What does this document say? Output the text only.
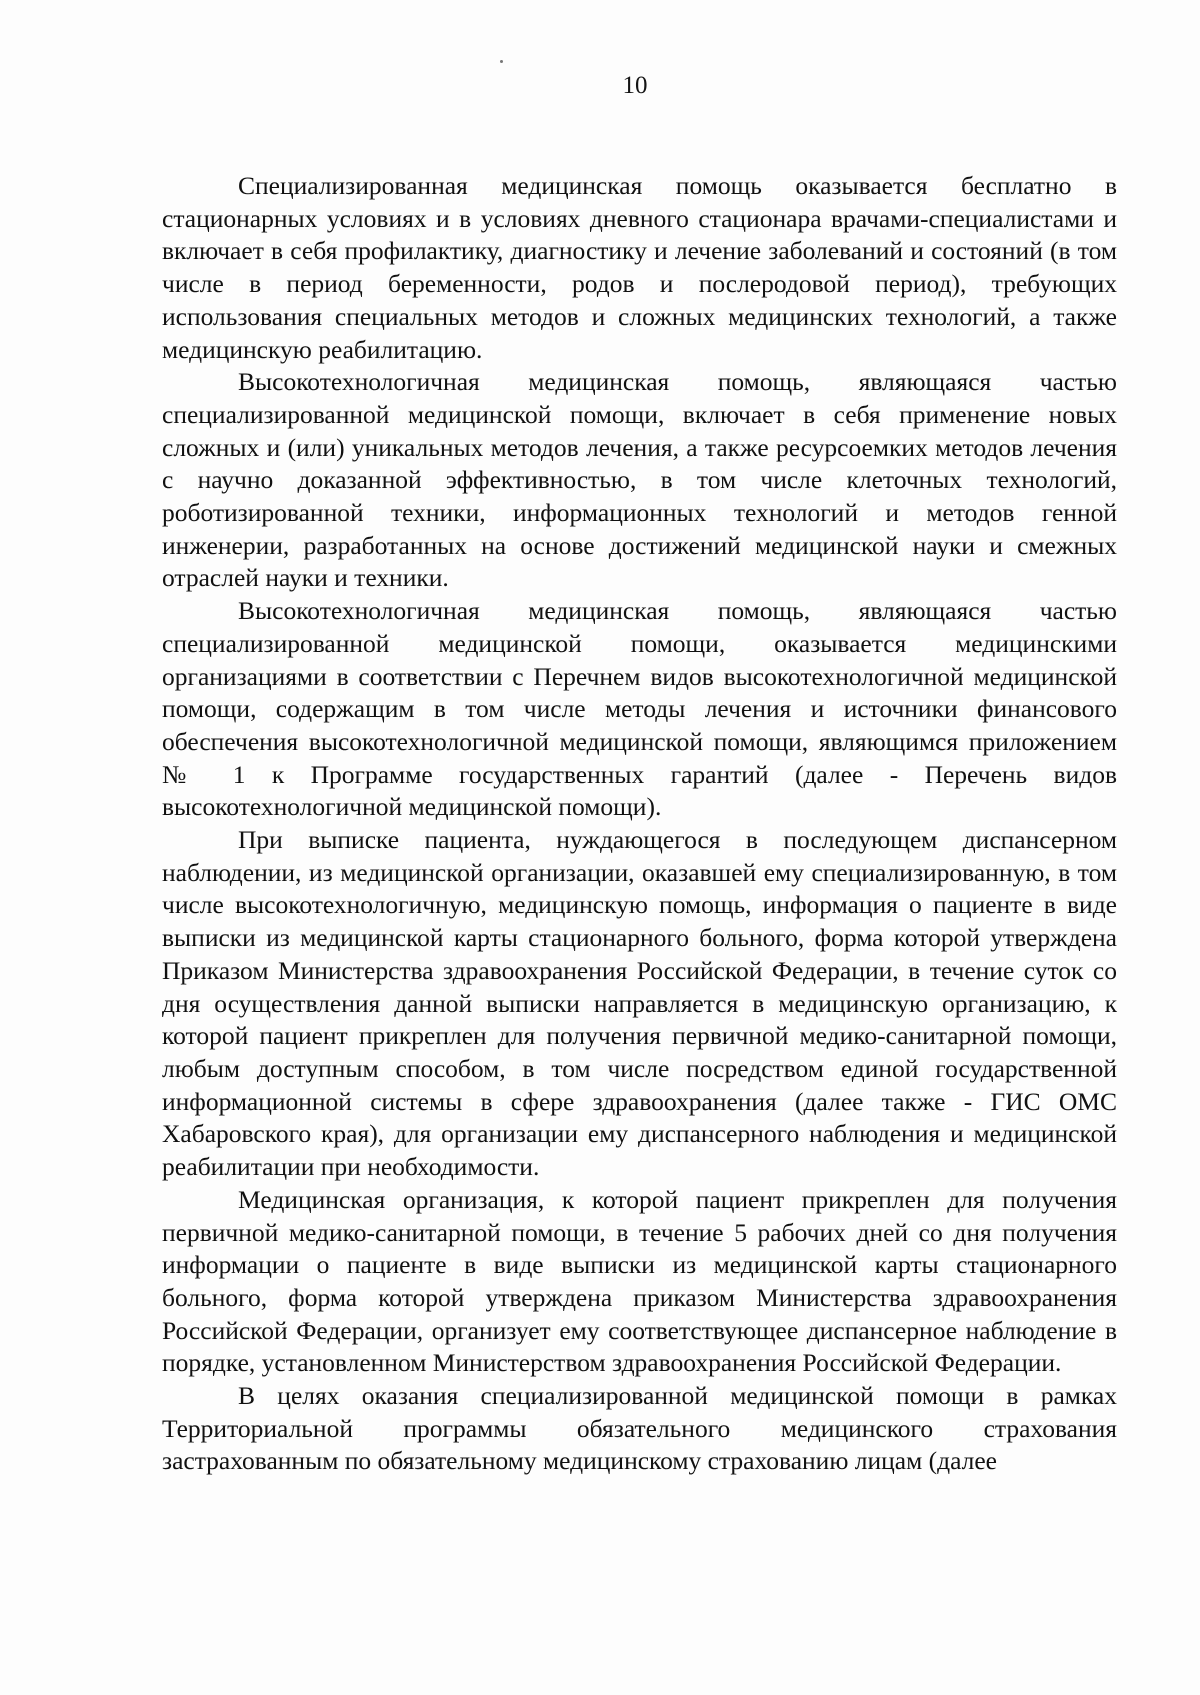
10

Специализированная медицинская помощь оказывается бесплатно в стационарных условиях и в условиях дневного стационара врачами-специалистами и включает в себя профилактику, диагностику и лечение заболеваний и состояний (в том числе в период беременности, родов и послеродовой период), требующих использования специальных методов и сложных медицинских технологий, а также медицинскую реабилитацию.

Высокотехнологичная медицинская помощь, являющаяся частью специализированной медицинской помощи, включает в себя применение новых сложных и (или) уникальных методов лечения, а также ресурсоемких методов лечения с научно доказанной эффективностью, в том числе клеточных технологий, роботизированной техники, информационных технологий и методов генной инженерии, разработанных на основе достижений медицинской науки и смежных отраслей науки и техники.

Высокотехнологичная медицинская помощь, являющаяся частью специализированной медицинской помощи, оказывается медицинскими организациями в соответствии с Перечнем видов высокотехнологичной медицинской помощи, содержащим в том числе методы лечения и источники финансового обеспечения высокотехнологичной медицинской помощи, являющимся приложением № 1 к Программе государственных гарантий (далее - Перечень видов высокотехнологичной медицинской помощи).

При выписке пациента, нуждающегося в последующем диспансерном наблюдении, из медицинской организации, оказавшей ему специализированную, в том числе высокотехнологичную, медицинскую помощь, информация о пациенте в виде выписки из медицинской карты стационарного больного, форма которой утверждена Приказом Министерства здравоохранения Российской Федерации, в течение суток со дня осуществления данной выписки направляется в медицинскую организацию, к которой пациент прикреплен для получения первичной медико-санитарной помощи, любым доступным способом, в том числе посредством единой государственной информационной системы в сфере здравоохранения (далее также - ГИС ОМС Хабаровского края), для организации ему диспансерного наблюдения и медицинской реабилитации при необходимости.

Медицинская организация, к которой пациент прикреплен для получения первичной медико-санитарной помощи, в течение 5 рабочих дней со дня получения информации о пациенте в виде выписки из медицинской карты стационарного больного, форма которой утверждена приказом Министерства здравоохранения Российской Федерации, организует ему соответствующее диспансерное наблюдение в порядке, установленном Министерством здравоохранения Российской Федерации.

В целях оказания специализированной медицинской помощи в рамках Территориальной программы обязательного медицинского страхования застрахованным по обязательному медицинскому страхованию лицам (далее
